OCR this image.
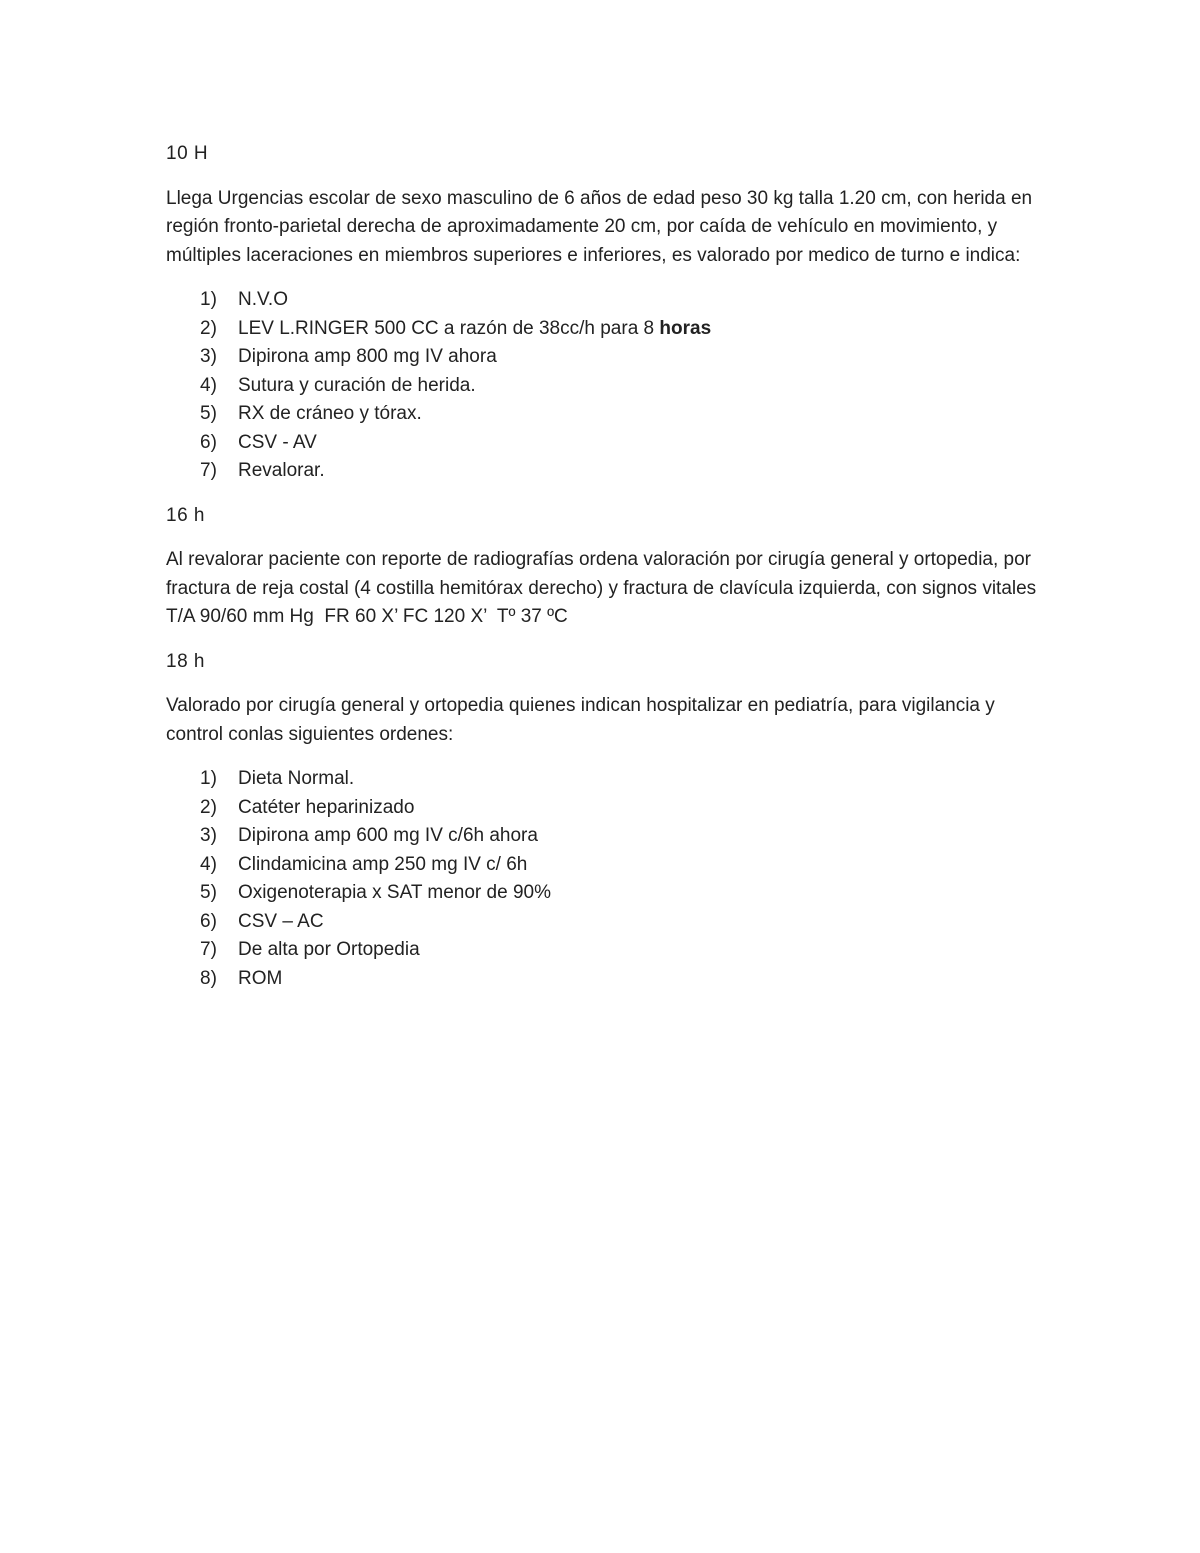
10 H
Llega Urgencias escolar de sexo masculino de 6 años de edad peso 30 kg talla 1.20 cm, con herida en región fronto-parietal derecha de aproximadamente 20 cm, por caída de vehículo en movimiento, y múltiples laceraciones en miembros superiores e inferiores, es valorado por medico de turno e indica:
1)	N.V.O
2)	LEV L.RINGER 500 CC a razón de 38cc/h para 8 horas
3)	Dipirona amp 800 mg IV ahora
4)	Sutura y curación de herida.
5)	RX de cráneo y tórax.
6)	CSV - AV
7)	Revalorar.
16 h
Al revalorar paciente con reporte de radiografías ordena valoración por cirugía general y ortopedia, por fractura de reja costal (4 costilla hemitórax derecho) y fractura de clavícula izquierda, con signos vitales T/A 90/60 mm Hg  FR 60 X’ FC 120 X’  Tº 37 ºC
18 h
Valorado por cirugía general y ortopedia quienes indican hospitalizar en pediatría, para vigilancia y control conlas siguientes ordenes:
1)	Dieta Normal.
2)	Catéter heparinizado
3)	Dipirona amp 600 mg IV c/6h ahora
4)	Clindamicina amp 250 mg IV c/ 6h
5)	Oxigenoterapia x SAT menor de 90%
6)	CSV – AC
7)	De alta por Ortopedia
8)	ROM
